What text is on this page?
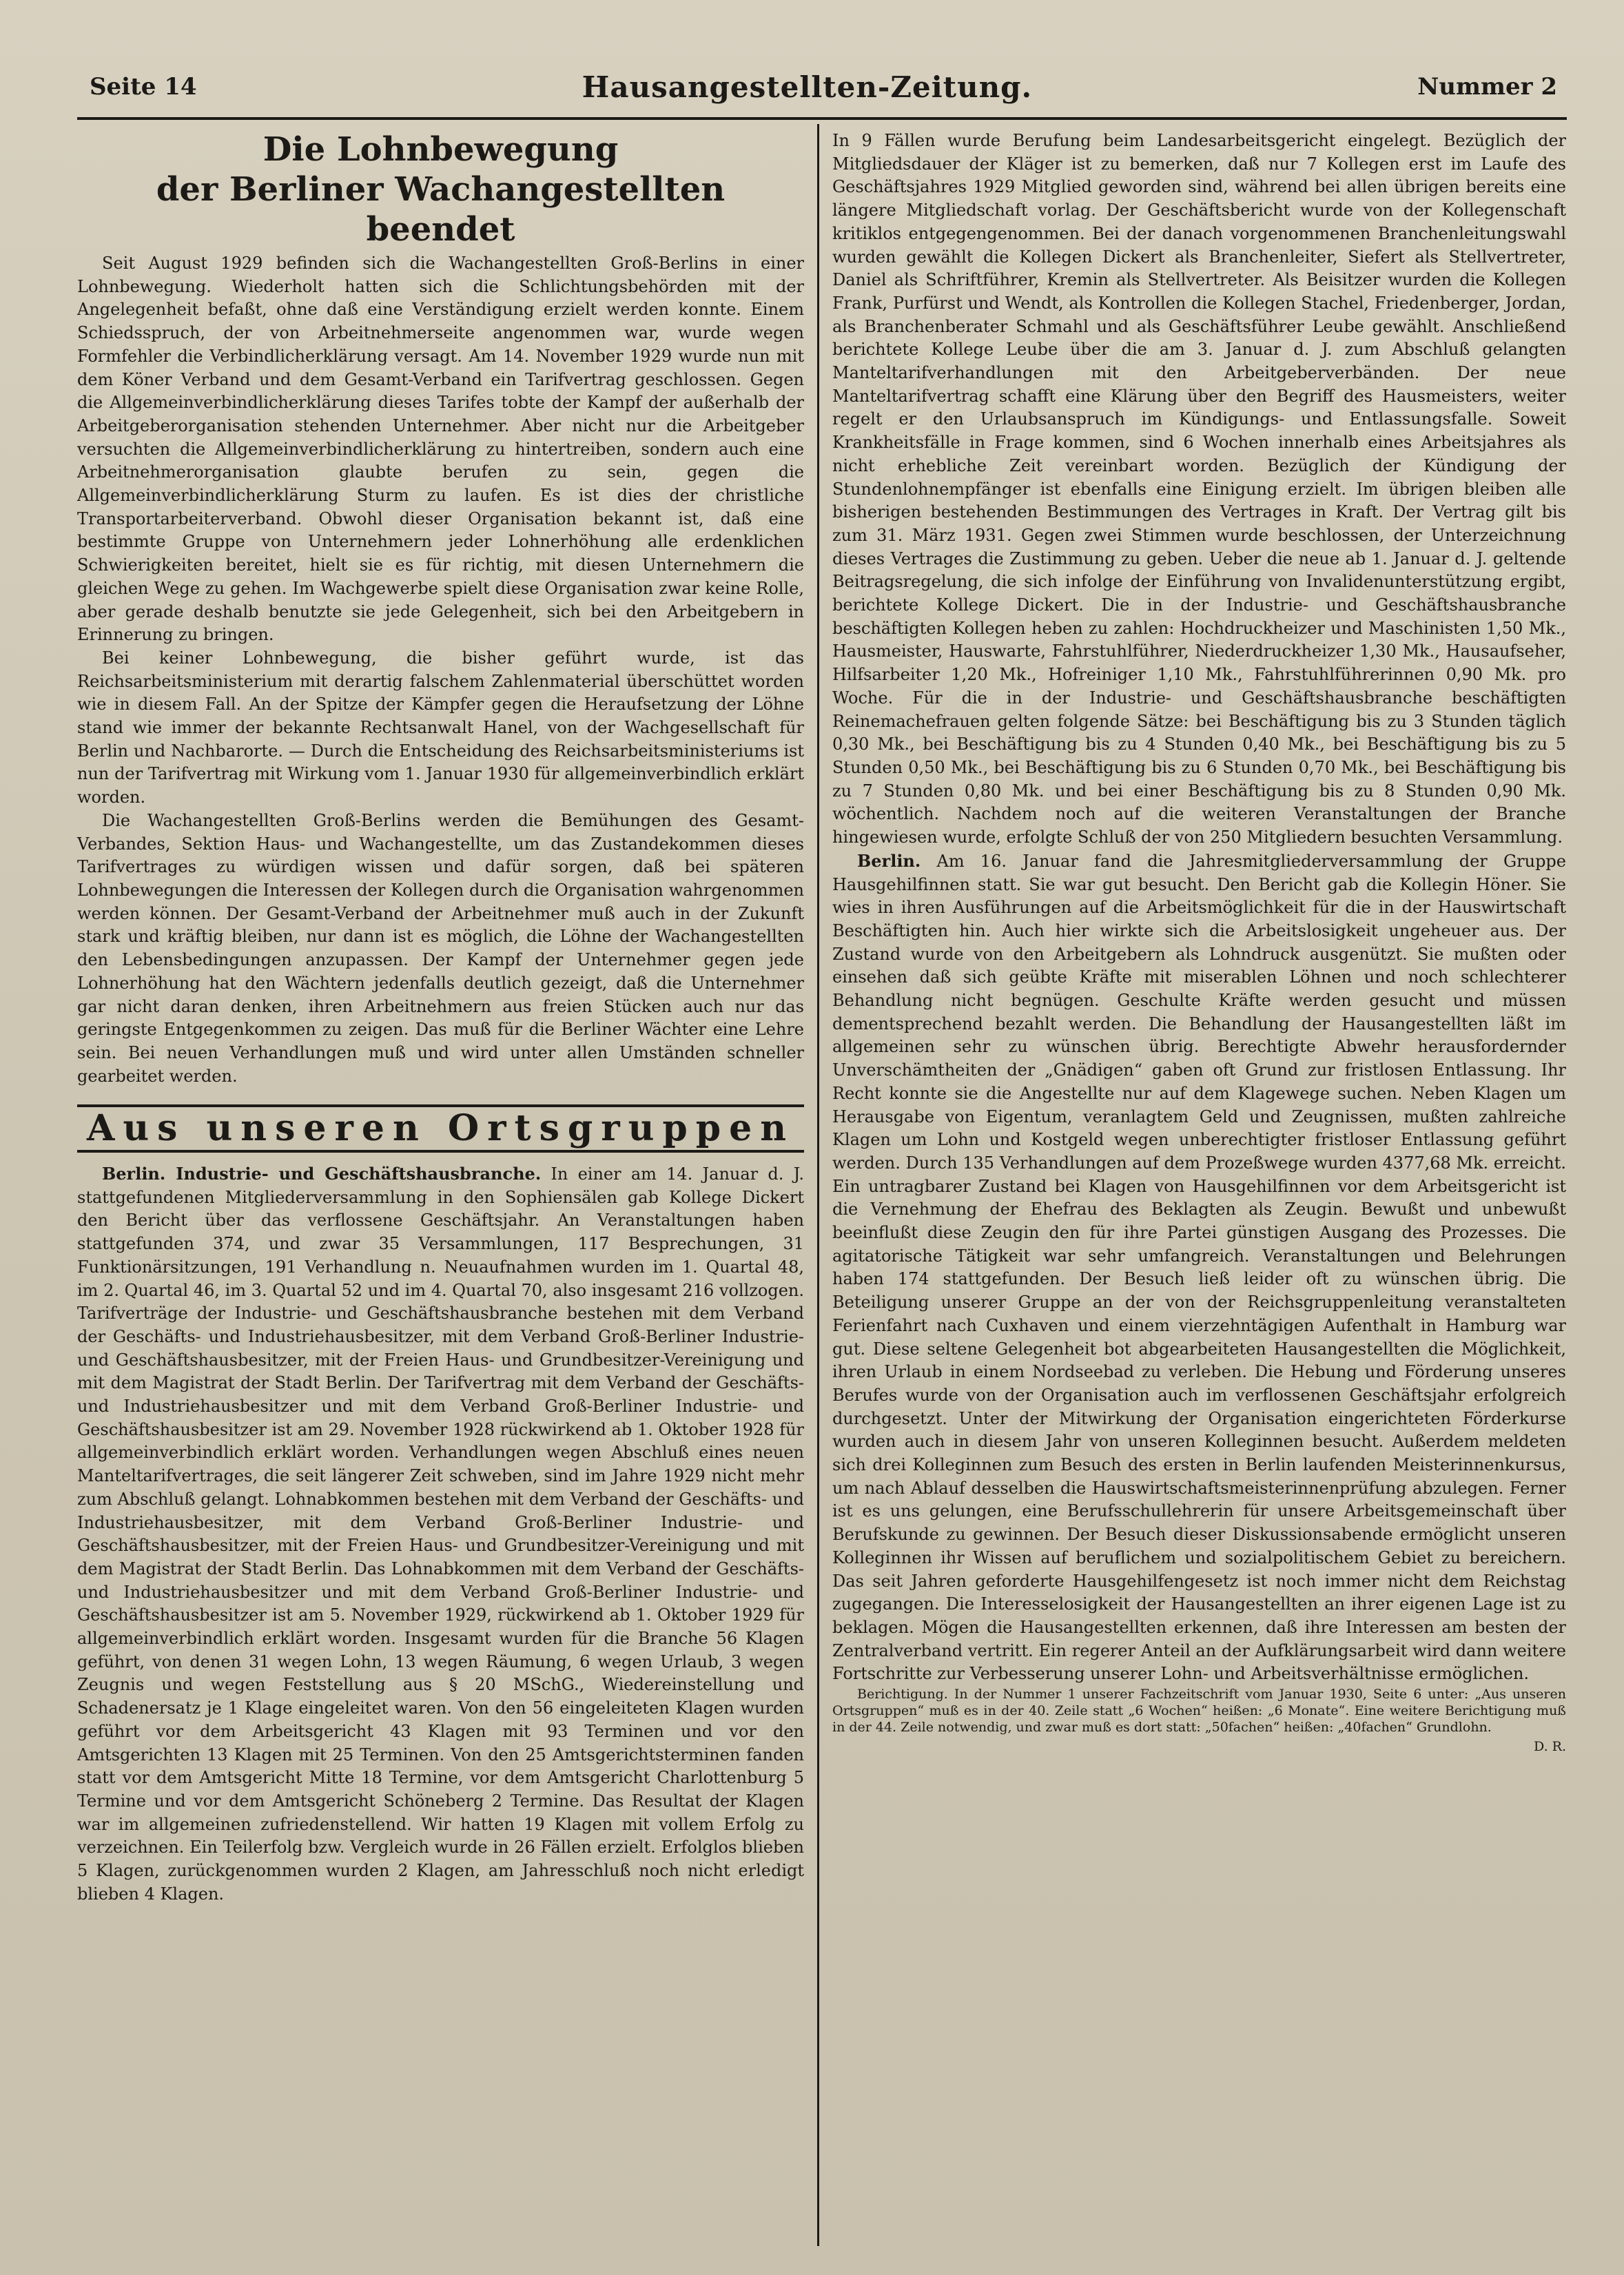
Seite 14	Hausangestellten-Zeitung.	Nummer 2
Die Lohnbewegung
der Berliner Wachangestellten beendet

Seit August 1929 befinden sich die Wachangestellten Groß-Berlins in einer Lohnbewegung. Wiederholt hatten sich die Schlichtungsbehörden mit der Angelegenheit befaßt, ohne daß eine Verständigung erzielt werden konnte. Einem Schiedsspruch, der von Arbeitnehmerseite angenommen war, wurde wegen Formfehler die Verbindlicherklärung versagt. Am 14. November 1929 wurde nun mit dem Köner Verband und dem Gesamt-Verband ein Tarifvertrag geschlossen. Gegen die Allgemeinverbindlicherklärung dieses Tarifes tobte der Kampf der außerhalb der Arbeitgeberorganisation stehenden Unternehmer. Aber nicht nur die Arbeitgeber versuchten die Allgemeinverbindlicherklärung zu hintertreiben, sondern auch eine Arbeitnehmerorganisation glaubte berufen zu sein, gegen die Allgemeinverbindlicherklärung Sturm zu laufen. Es ist dies der christliche Transportarbeiterverband. Obwohl dieser Organisation bekannt ist, daß eine bestimmte Gruppe von Unternehmern jeder Lohnerhöhung alle erdenklichen Schwierigkeiten bereitet, hielt sie es für richtig, mit diesen Unternehmern die gleichen Wege zu gehen. Im Wachgewerbe spielt diese Organisation zwar keine Rolle, aber gerade deshalb benutzte sie jede Gelegenheit, sich bei den Arbeitgebern in Erinnerung zu bringen.

Bei keiner Lohnbewegung, die bisher geführt wurde, ist das Reichsarbeitsministerium mit derartig falschem Zahlenmaterial überschüttet worden wie in diesem Fall. An der Spitze der Kämpfer gegen die Heraufsetzung der Löhne stand wie immer der bekannte Rechtsanwalt Hanel, von der Wachgesellschaft für Berlin und Nachbarorte. — Durch die Entscheidung des Reichsarbeitsministeriums ist nun der Tarifvertrag mit Wirkung vom 1. Januar 1930 für allgemeinverbindlich erklärt worden.

Die Wachangestellten Groß-Berlins werden die Bemühungen des Gesamt-Verbandes, Sektion Haus- und Wachangestellte, um das Zustandekommen dieses Tarifvertrages zu würdigen wissen und dafür sorgen, daß bei späteren Lohnbewegungen die Interessen der Kollegen durch die Organisation wahrgenommen werden können. Der Gesamt-Verband der Arbeitnehmer muß auch in der Zukunft stark und kräftig bleiben, nur dann ist es möglich, die Löhne der Wachangestellten den Lebensbedingungen anzupassen. Der Kampf der Unternehmer gegen jede Lohnerhöhung hat den Wächtern jedenfalls deutlich gezeigt, daß die Unternehmer gar nicht daran denken, ihren Arbeitnehmern aus freien Stücken auch nur das geringste Entgegenkommen zu zeigen. Das muß für die Berliner Wächter eine Lehre sein. Bei neuen Verhandlungen muß und wird unter allen Umständen schneller gearbeitet werden.

Aus unseren Ortsgruppen

Berlin. Industrie- und Geschäftshausbranche. In einer am 14. Januar d. J. stattgefundenen Mitgliederversammlung in den Sophiensälen gab Kollege Dickert den Bericht über das verflossene Geschäftsjahr. An Veranstaltungen haben stattgefunden 374, und zwar 35 Versammlungen, 117 Besprechungen, 31 Funktionärsitzungen, 191 Verhandlung n. Neuaufnahmen wurden im 1. Quartal 48, im 2. Quartal 46, im 3. Quartal 52 und im 4. Quartal 70, also insgesamt 216 vollzogen. Tarifverträge der Industrie- und Geschäftshausbranche bestehen mit dem Verband der Geschäfts- und Industriehausbesitzer, mit dem Verband Groß-Berliner Industrie- und Geschäftshausbesitzer, mit der Freien Haus- und Grundbesitzer-Vereinigung und mit dem Magistrat der Stadt Berlin. Der Tarifvertrag mit dem Verband der Geschäfts- und Industriehausbesitzer und mit dem Verband Groß-Berliner Industrie- und Geschäftshausbesitzer ist am 29. November 1928 rückwirkend ab 1. Oktober 1928 für allgemeinverbindlich erklärt worden. Verhandlungen wegen Abschluß eines neuen Manteltarifvertrages, die seit längerer Zeit schweben, sind im Jahre 1929 nicht mehr zum Abschluß gelangt. Lohnabkommen bestehen mit dem Verband der Geschäfts- und Industriehausbesitzer, mit dem Verband Groß-Berliner Industrie- und Geschäftshausbesitzer, mit der Freien Haus- und Grundbesitzer-Vereinigung und mit dem Magistrat der Stadt Berlin. Das Lohnabkommen mit dem Verband der Geschäfts- und Industriehausbesitzer und mit dem Verband Groß-Berliner Industrie- und Geschäftshausbesitzer ist am 5. November 1929, rückwirkend ab 1. Oktober 1929 für allgemeinverbindlich erklärt worden. Insgesamt wurden für die Branche 56 Klagen geführt, von denen 31 wegen Lohn, 13 wegen Räumung, 6 wegen Urlaub, 3 wegen Zeugnis und wegen Feststellung aus § 20 MSchG., Wiedereinstellung und Schadenersatz je 1 Klage eingeleitet waren. Von den 56 eingeleiteten Klagen wurden geführt vor dem Arbeitsgericht 43 Klagen mit 93 Terminen und vor den Amtsgerichten 13 Klagen mit 25 Terminen. Von den 25 Amtsgerichtsterminen fanden statt vor dem Amtsgericht Mitte 18 Termine, vor dem Amtsgericht Charlottenburg 5 Termine und vor dem Amtsgericht Schöneberg 2 Termine. Das Resultat der Klagen war im allgemeinen zufriedenstellend. Wir hatten 19 Klagen mit vollem Erfolg zu verzeichnen. Ein Teilerfolg bzw. Vergleich wurde in 26 Fällen erzielt. Erfolglos blieben 5 Klagen, zurückgenommen wurden 2 Klagen, am Jahresschluß noch nicht erledigt blieben 4 Klagen.

In 9 Fällen wurde Berufung beim Landesarbeitsgericht eingelegt. Bezüglich der Mitgliedsdauer der Kläger ist zu bemerken, daß nur 7 Kollegen erst im Laufe des Geschäftsjahres 1929 Mitglied geworden sind, während bei allen übrigen bereits eine längere Mitgliedschaft vorlag. Der Geschäftsbericht wurde von der Kollegenschaft kritiklos entgegengenommen. Bei der danach vorgenommenen Branchenleitungswahl wurden gewählt die Kollegen Dickert als Branchenleiter, Siefert als Stellvertreter, Daniel als Schriftführer, Kremin als Stellvertreter. Als Beisitzer wurden die Kollegen Frank, Purfürst und Wendt, als Kontrollen die Kollegen Stachel, Friedenberger, Jordan, als Branchenberater Schmahl und als Geschäftsführer Leube gewählt. Anschließend berichtete Kollege Leube über die am 3. Januar d. J. zum Abschluß gelangten Manteltarifverhandlungen mit den Arbeitgeberverbänden. Der neue Manteltarifvertrag schafft eine Klärung über den Begriff des Hausmeisters, weiter regelt er den Urlaubsanspruch im Kündigungs- und Entlassungsfalle. Soweit Krankheitsfälle in Frage kommen, sind 6 Wochen innerhalb eines Arbeitsjahres als nicht erhebliche Zeit vereinbart worden. Bezüglich der Kündigung der Stundenlohnempfänger ist ebenfalls eine Einigung erzielt. Im übrigen bleiben alle bisherigen bestehenden Bestimmungen des Vertrages in Kraft. Der Vertrag gilt bis zum 31. März 1931. Gegen zwei Stimmen wurde beschlossen, der Unterzeichnung dieses Vertrages die Zustimmung zu geben. Ueber die neue ab 1. Januar d. J. geltende Beitragsregelung, die sich infolge der Einführung von Invalidenunterstützung ergibt, berichtete Kollege Dickert. Die in der Industrie- und Geschäftshausbranche beschäftigten Kollegen heben zu zahlen: Hochdruckheizer und Maschinisten 1,50 Mk., Hausmeister, Hauswarte, Fahrstuhlführer, Niederdruckheizer 1,30 Mk., Hausaufseher, Hilfsarbeiter 1,20 Mk., Hofreiniger 1,10 Mk., Fahrstuhlführerinnen 0,90 Mk. pro Woche. Für die in der Industrie- und Geschäftshausbranche beschäftigten Reinemachefrauen gelten folgende Sätze: bei Beschäftigung bis zu 3 Stunden täglich 0,30 Mk., bei Beschäftigung bis zu 4 Stunden 0,40 Mk., bei Beschäftigung bis zu 5 Stunden 0,50 Mk., bei Beschäftigung bis zu 6 Stunden 0,70 Mk., bei Beschäftigung bis zu 7 Stunden 0,80 Mk. und bei einer Beschäftigung bis zu 8 Stunden 0,90 Mk. wöchentlich. Nachdem noch auf die weiteren Veranstaltungen der Branche hingewiesen wurde, erfolgte Schluß der von 250 Mitgliedern besuchten Versammlung.

Berlin. Am 16. Januar fand die Jahresmitgliederversammlung der Gruppe Hausgehilfinnen statt. Sie war gut besucht. Den Bericht gab die Kollegin Höner. Sie wies in ihren Ausführungen auf die Arbeitsmöglichkeit für die in der Hauswirtschaft Beschäftigten hin. Auch hier wirkte sich die Arbeitslosigkeit ungeheuer aus. Der Zustand wurde von den Arbeitgebern als Lohndruck ausgenützt. Sie mußten oder einsehen daß sich geübte Kräfte mit miserablen Löhnen und noch schlechterer Behandlung nicht begnügen. Geschulte Kräfte werden gesucht und müssen dementsprechend bezahlt werden. Die Behandlung der Hausangestellten läßt im allgemeinen sehr zu wünschen übrig. Berechtigte Abwehr herausfordernder Unverschämtheiten der „Gnädigen“ gaben oft Grund zur fristlosen Entlassung. Ihr Recht konnte sie die Angestellte nur auf dem Klagewege suchen. Neben Klagen um Herausgabe von Eigentum, veranlagtem Geld und Zeugnissen, mußten zahlreiche Klagen um Lohn und Kostgeld wegen unberechtigter fristloser Entlassung geführt werden. Durch 135 Verhandlungen auf dem Prozeßwege wurden 4377,68 Mk. erreicht. Ein untragbarer Zustand bei Klagen von Hausgehilfinnen vor dem Arbeitsgericht ist die Vernehmung der Ehefrau des Beklagten als Zeugin. Bewußt und unbewußt beeinflußt diese Zeugin den für ihre Partei günstigen Ausgang des Prozesses. Die agitatorische Tätigkeit war sehr umfangreich. Veranstaltungen und Belehrungen haben 174 stattgefunden. Der Besuch ließ leider oft zu wünschen übrig. Die Beteiligung unserer Gruppe an der von der Reichsgruppenleitung veranstalteten Ferienfahrt nach Cuxhaven und einem vierzehntägigen Aufenthalt in Hamburg war gut. Diese seltene Gelegenheit bot abgearbeiteten Hausangestellten die Möglichkeit, ihren Urlaub in einem Nordseebad zu verleben. Die Hebung und Förderung unseres Berufes wurde von der Organisation auch im verflossenen Geschäftsjahr erfolgreich durchgesetzt. Unter der Mitwirkung der Organisation eingerichteten Förderkurse wurden auch in diesem Jahr von unseren Kolleginnen besucht. Außerdem meldeten sich drei Kolleginnen zum Besuch des ersten in Berlin laufenden Meisterinnenkursus, um nach Ablauf desselben die Hauswirtschaftsmeisterinnenprüfung abzulegen. Ferner ist es uns gelungen, eine Berufsschullehrerin für unsere Arbeitsgemeinschaft über Berufskunde zu gewinnen. Der Besuch dieser Diskussionsabende ermöglicht unseren Kolleginnen ihr Wissen auf beruflichem und sozialpolitischem Gebiet zu bereichern. Das seit Jahren geforderte Hausgehilfengesetz ist noch immer nicht dem Reichstag zugegangen. Die Interesselosigkeit der Hausangestellten an ihrer eigenen Lage ist zu beklagen. Mögen die Hausangestellten erkennen, daß ihre Interessen am besten der Zentralverband vertritt. Ein regerer Anteil an der Aufklärungsarbeit wird dann weitere Fortschritte zur Verbesserung unserer Lohn- und Arbeitsverhältnisse ermöglichen.

Berichtigung. In der Nummer 1 unserer Fachzeitschrift vom Januar 1930, Seite 6 unter: „Aus unseren Ortsgruppen“ muß es in der 40. Zeile statt „6 Wochen“ heißen: „6 Monate“. Eine weitere Berichtigung muß in der 44. Zeile notwendig, und zwar muß es dort statt: „50fachen“ heißen: „40fachen“ Grundlohn.

D. R.
